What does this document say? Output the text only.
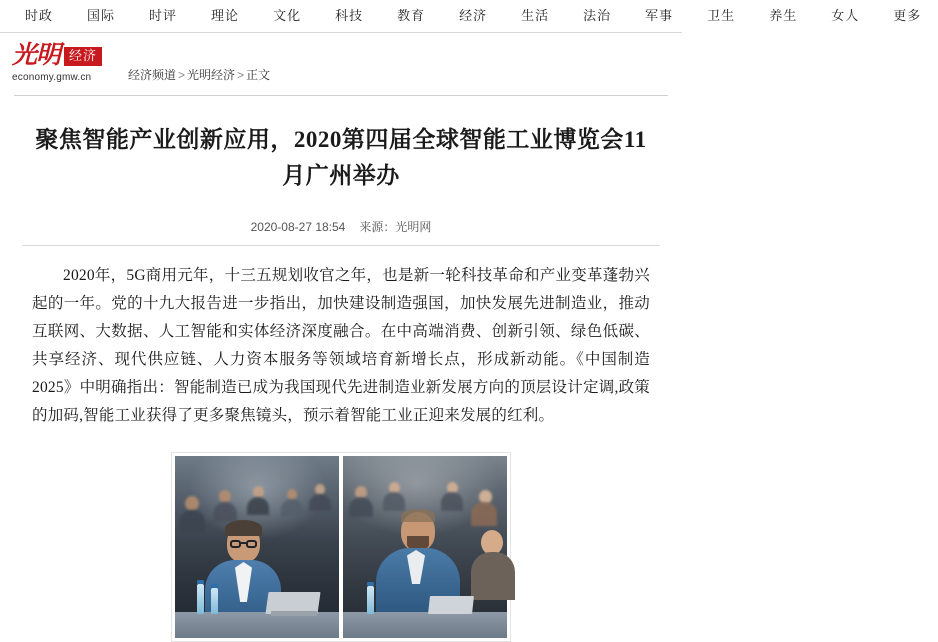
时政	国际	时评	理论	文化	科技	教育	经济	生活	法治	军事	卫生	养生	女人	更多
光明 经济
economy.gmw.cn	经济频道 > 光明经济 > 正文
聚焦智能产业创新应用，2020第四届全球智能工业博览会11月广州举办
2020-08-27 18:54 来源：光明网

2020年，5G商用元年，十三五规划收官之年，也是新一轮科技革命和产业变革蓬勃兴起的一年。党的十九大报告进一步指出，加快建设制造强国，加快发展先进制造业，推动互联网、大数据、人工智能和实体经济深度融合。在中高端消费、创新引领、绿色低碳、共享经济、现代供应链、人力资本服务等领域培育新增长点，形成新动能。《中国制造2025》中明确指出：智能制造已成为我国现代先进制造业新发展方向的顶层设计定调,政策的加码,智能工业获得了更多聚焦镜头，预示着智能工业正迎来发展的红利。
